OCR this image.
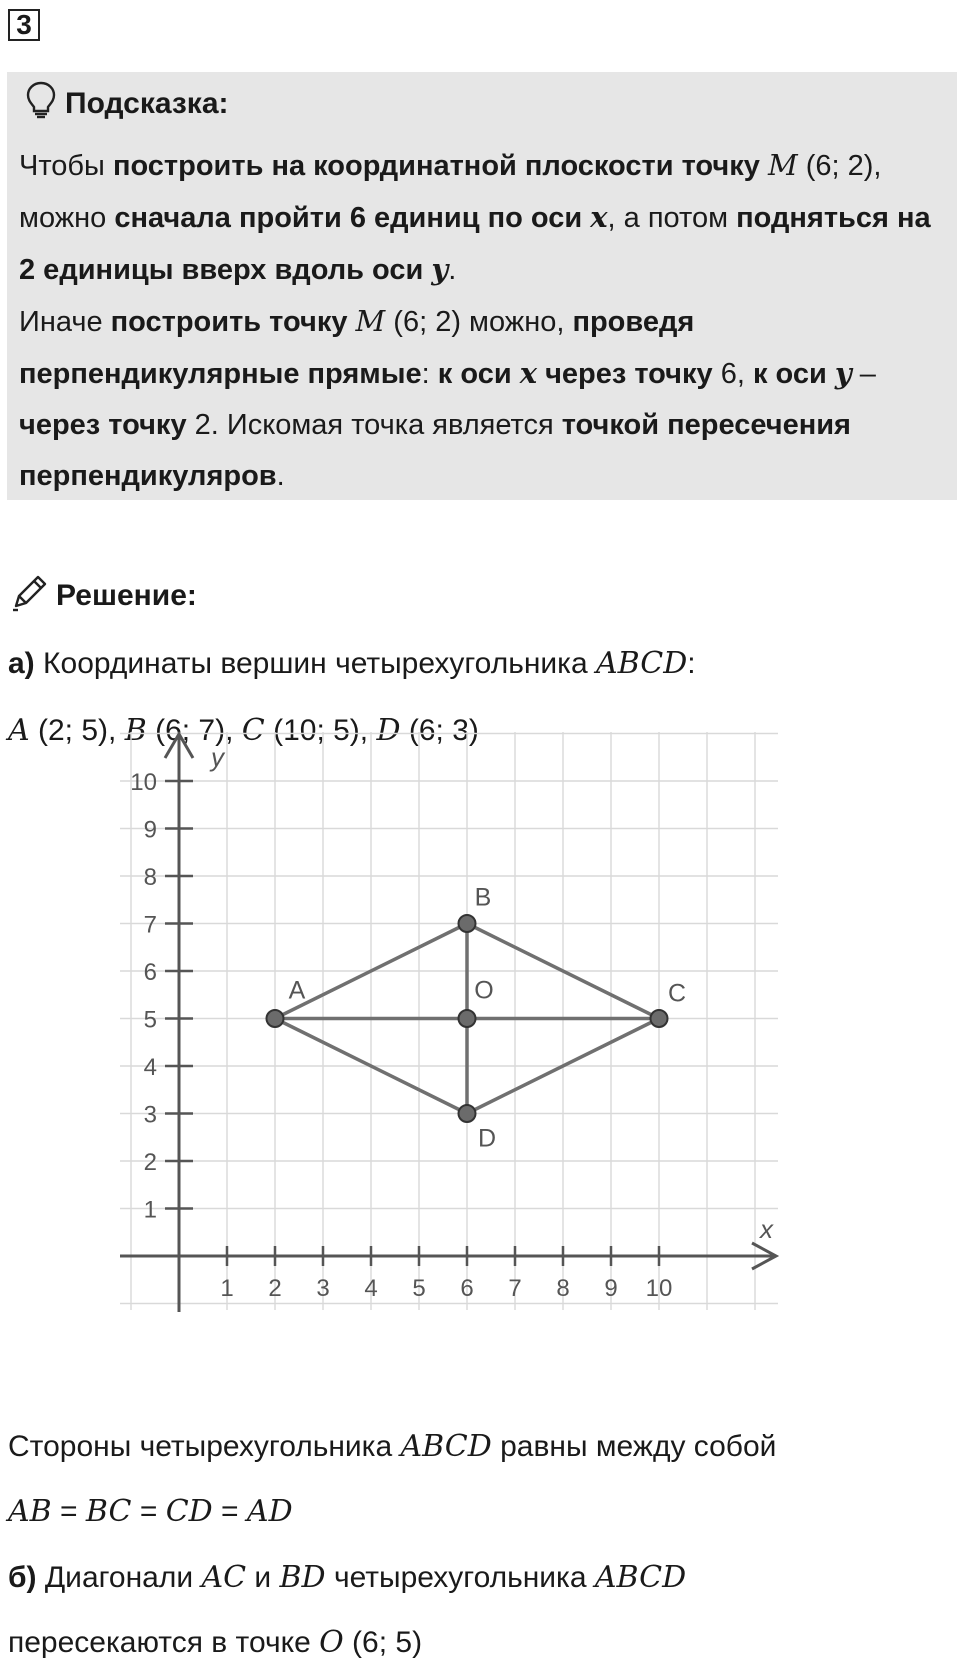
3
Подсказка:
Чтобы построить на координатной плоскости точку M (6; 2), можно сначала пройти 6 единиц по оси x, а потом подняться на 2 единицы вверх вдоль оси y.
Иначе построить точку M (6; 2) можно, проведя перпендикулярные прямые: к оси x через точку 6, к оси y – через точку 2. Искомая точка является точкой пересечения перпендикуляров.
Решение:
а) Координаты вершин четырехугольника ABCD:
A (2; 5), B (6; 7), C (10; 5), D (6; 3)
x
y
1 2 3 4 5 6 7 8 9 10
1
2
3
4
5
6
7
8
9
10
A
B
C
D
O
Стороны четырехугольника ABCD равны между собой
AB = BC = CD = AD
б) Диагонали AC и BD четырехугольника ABCD
пересекаются в точке O (6; 5)
